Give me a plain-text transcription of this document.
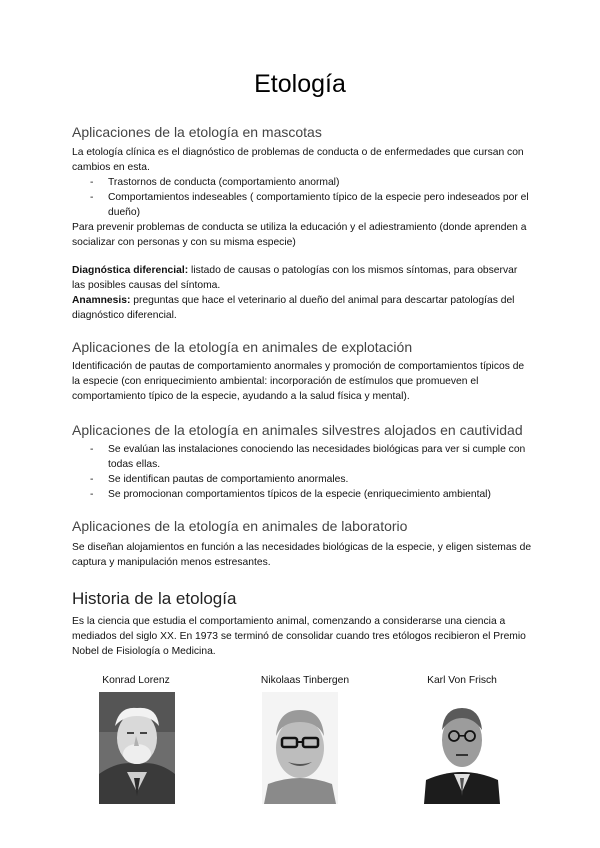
Etología
Aplicaciones de la etología en mascotas
La etología clínica es el diagnóstico de problemas de conducta o de enfermedades que cursan con cambios en esta.
- Trastornos de conducta (comportamiento anormal)
- Comportamientos indeseables ( comportamiento típico de la especie pero indeseados por el dueño)
Para prevenir problemas de conducta se utiliza la educación y el adiestramiento (donde aprenden a socializar con personas y con su misma especie)
Diagnóstica diferencial: listado de causas o patologías con los mismos síntomas, para observar las posibles causas del síntoma.
Anamnesis: preguntas que hace el veterinario al dueño del animal para descartar patologías del diagnóstico diferencial.
Aplicaciones de la etología en animales de explotación
Identificación de pautas de comportamiento anormales y promoción de comportamientos típicos de la especie (con enriquecimiento ambiental: incorporación de estímulos que promueven el comportamiento típico de la especie, ayudando a la salud física y mental).
Aplicaciones de la etología en animales silvestres alojados en cautividad
- Se evalúan las instalaciones conociendo las necesidades biológicas para ver si cumple con todas ellas.
- Se identifican pautas de comportamiento anormales.
- Se promocionan comportamientos típicos de la especie (enriquecimiento ambiental)
Aplicaciones de la etología en animales de laboratorio
Se diseñan alojamientos en función a las necesidades biológicas de la especie, y eligen sistemas de captura y manipulación menos estresantes.
Historia de la etología
Es la ciencia que estudia el comportamiento animal, comenzando a considerarse una ciencia a mediados del siglo XX. En 1973 se terminó de consolidar cuando tres etólogos recibieron el Premio Nobel de Fisiología o Medicina.
Konrad Lorenz	Nikolaas Tinbergen	Karl Von Frisch
